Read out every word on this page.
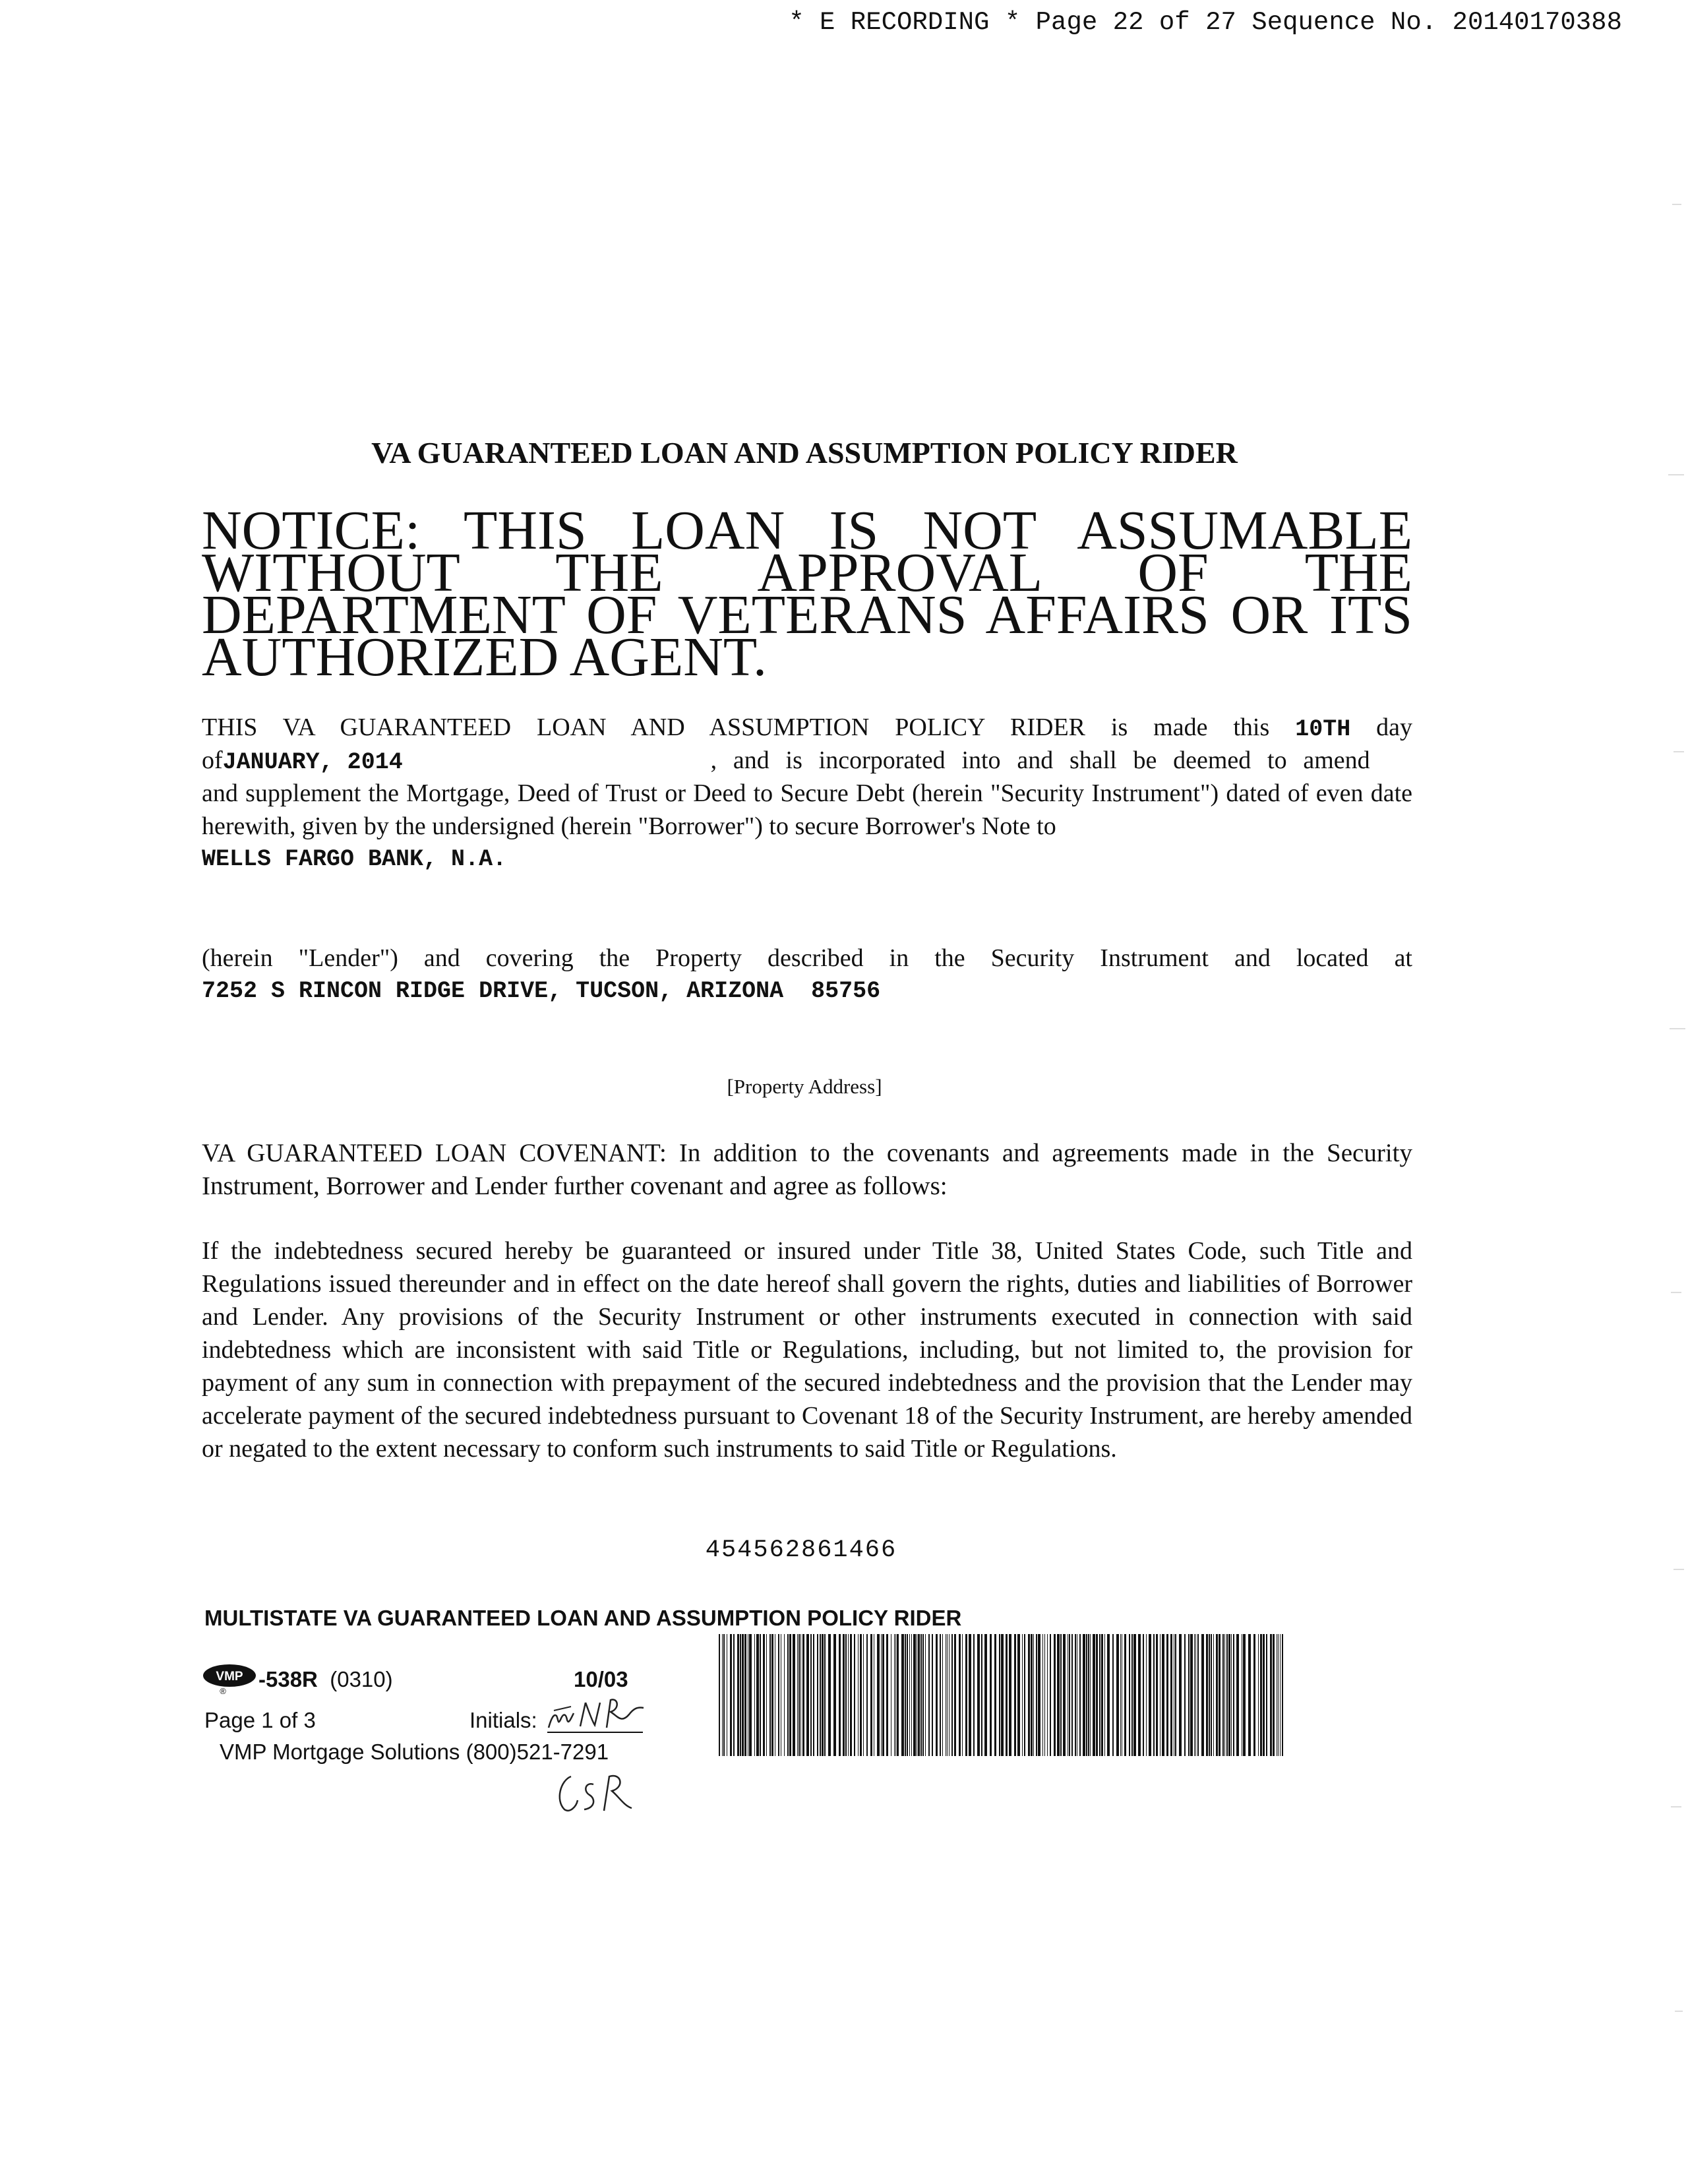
* E RECORDING * Page 22 of 27 Sequence No. 20140170388
VA GUARANTEED LOAN AND ASSUMPTION POLICY RIDER
NOTICE: THIS LOAN IS NOT ASSUMABLE WITHOUT THE APPROVAL OF THE DEPARTMENT OF VETERANS AFFAIRS OR ITS AUTHORIZED AGENT.
THIS VA GUARANTEED LOAN AND ASSUMPTION POLICY RIDER is made this 10TH day
ofJANUARY, 2014	, and is incorporated into and shall be deemed to amend
and supplement the Mortgage, Deed of Trust or Deed to Secure Debt (herein "Security Instrument") dated of even date herewith, given by the undersigned (herein "Borrower") to secure Borrower's Note to
WELLS FARGO BANK, N.A.
(herein "Lender") and covering the Property described in the Security Instrument and located at
7252 S RINCON RIDGE DRIVE, TUCSON, ARIZONA  85756
[Property Address]
VA GUARANTEED LOAN COVENANT: In addition to the covenants and agreements made in the Security Instrument, Borrower and Lender further covenant and agree as follows:
If the indebtedness secured hereby be guaranteed or insured under Title 38, United States Code, such Title and Regulations issued thereunder and in effect on the date hereof shall govern the rights, duties and liabilities of Borrower and Lender. Any provisions of the Security Instrument or other instruments executed in connection with said indebtedness which are inconsistent with said Title or Regulations, including, but not limited to, the provision for payment of any sum in connection with prepayment of the secured indebtedness and the provision that the Lender may accelerate payment of the secured indebtedness pursuant to Covenant 18 of the Security Instrument, are hereby amended or negated to the extent necessary to conform such instruments to said Title or Regulations.
454562861466
MULTISTATE VA GUARANTEED LOAN AND ASSUMPTION POLICY RIDER
VMP
® -538R (0310)	10/03
Page 1 of 3	Initials:
VMP Mortgage Solutions (800)521-7291
